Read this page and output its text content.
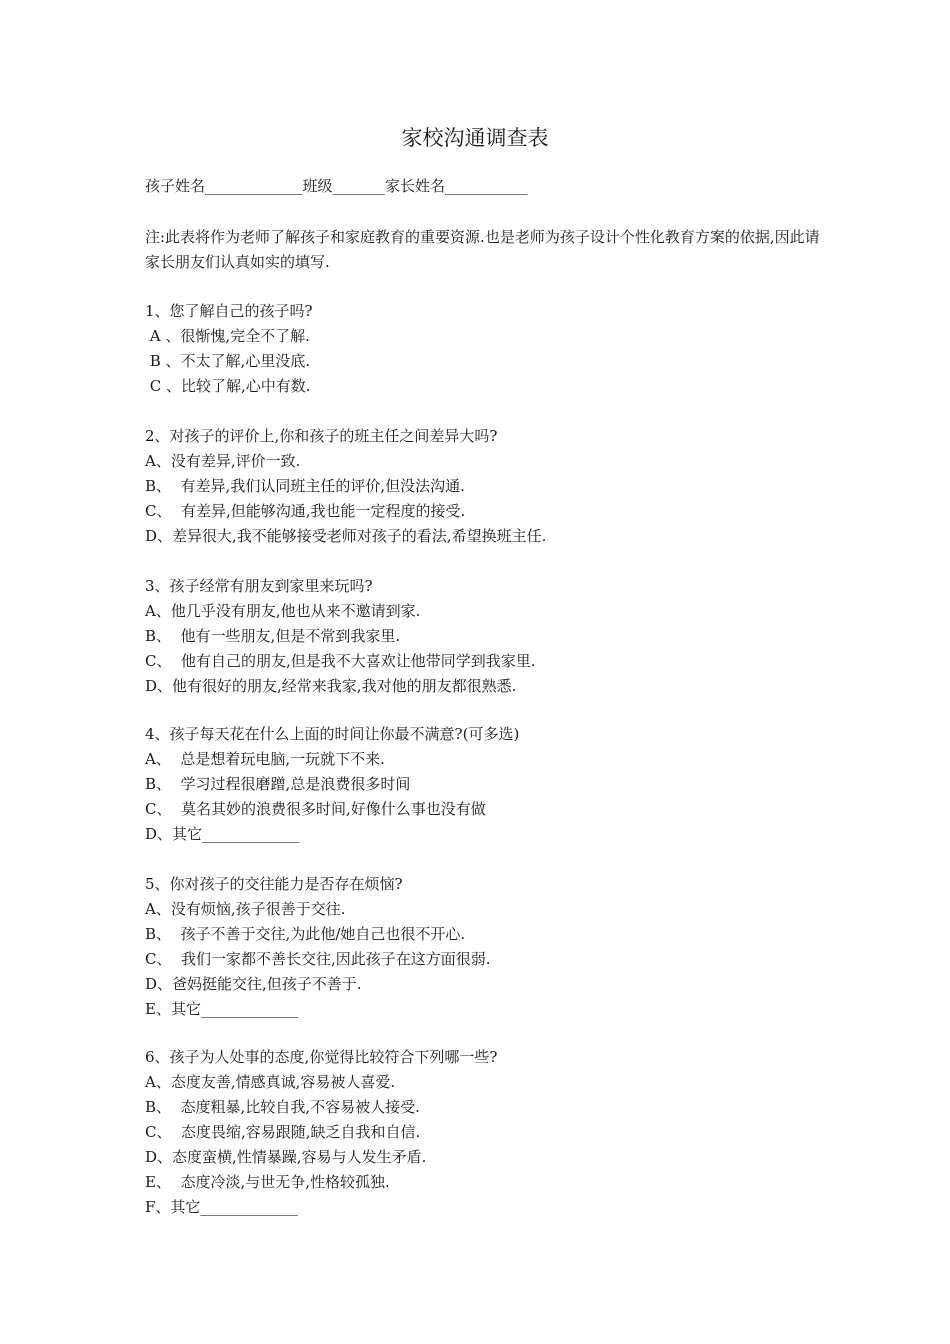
家校沟通调查表
孩子姓名_____________班级_______家长姓名___________
注:此表将作为老师了解孩子和家庭教育的重要资源.也是老师为孩子设计个性化教育方案的依据,因此请家长朋友们认真如实的填写.

1、您了解自己的孩子吗?

A 、很惭愧,完全不了解.

B 、不太了解,心里没底.

C 、比较了解,心中有数.

2、对孩子的评价上,你和孩子的班主任之间差异大吗?

A、没有差异,评价一致.

B、  有差异,我们认同班主任的评价,但没法沟通.

C、  有差异,但能够沟通,我也能一定程度的接受.

D、差异很大,我不能够接受老师对孩子的看法,希望换班主任.

3、孩子经常有朋友到家里来玩吗?

A、他几乎没有朋友,他也从来不邀请到家.

B、  他有一些朋友,但是不常到我家里.

C、  他有自己的朋友,但是我不大喜欢让他带同学到我家里.

D、他有很好的朋友,经常来我家,我对他的朋友都很熟悉.

4、孩子每天花在什么上面的时间让你最不满意?(可多选)

A、  总是想着玩电脑,一玩就下不来.

B、  学习过程很磨蹭,总是浪费很多时间

C、  莫名其妙的浪费很多时间,好像什么事也没有做

D、其它_____________

5、你对孩子的交往能力是否存在烦恼?

A、没有烦恼,孩子很善于交往.

B、  孩子不善于交往,为此他/她自己也很不开心.

C、  我们一家都不善长交往,因此孩子在这方面很弱.

D、爸妈挺能交往,但孩子不善于.

E、其它_____________

6、孩子为人处事的态度,你觉得比较符合下列哪一些?

A、态度友善,情感真诚,容易被人喜爱.

B、  态度粗暴,比较自我,不容易被人接受.

C、  态度畏缩,容易跟随,缺乏自我和自信.

D、态度蛮横,性情暴躁,容易与人发生矛盾.

E、  态度冷淡,与世无争,性格较孤独.

F、其它_____________
